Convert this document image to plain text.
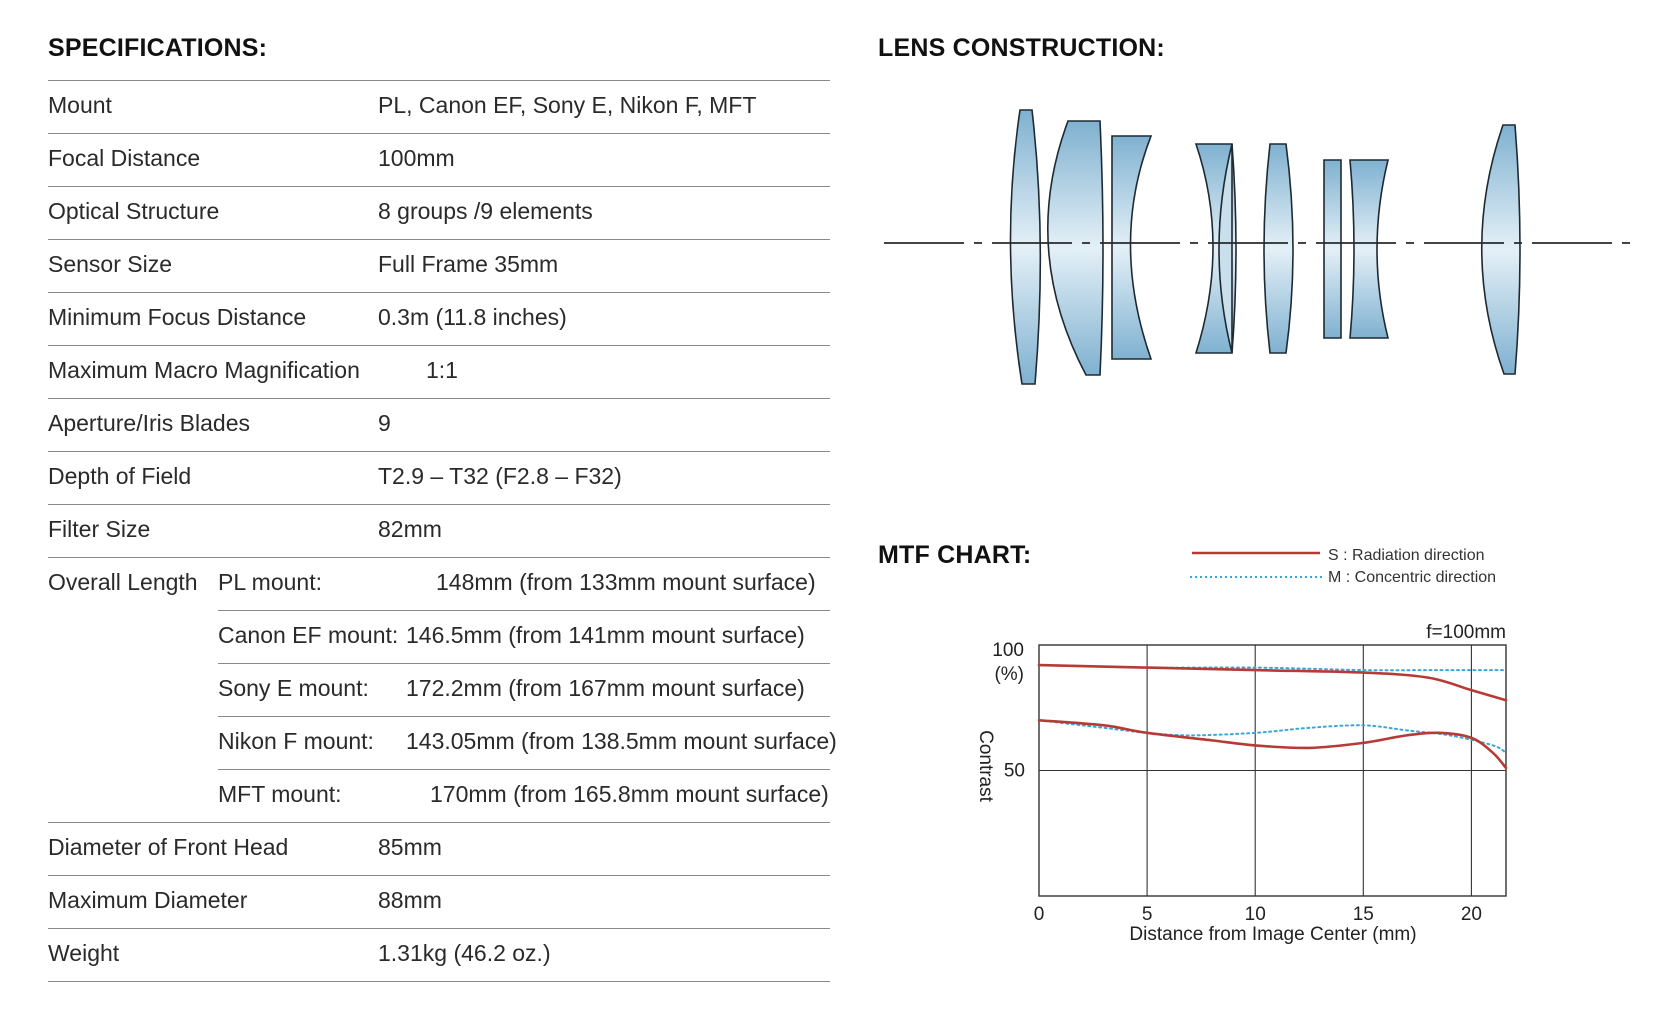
SPECIFICATIONS:
Mount	PL, Canon EF, Sony E, Nikon F, MFT
Focal Distance	100mm
Optical Structure	8 groups /9 elements
Sensor Size	Full Frame 35mm
Minimum Focus Distance	0.3m (11.8 inches)
Maximum Macro Magnification	1:1
Aperture/Iris Blades	9
Depth of Field	T2.9 – T32 (F2.8 – F32)
Filter Size	82mm
Overall Length PL mount:	148mm (from 133mm mount surface)
Canon EF mount: 146.5mm (from 141mm mount surface)
Sony E mount: 172.2mm (from 167mm mount surface)
Nikon F mount: 143.05mm (from 138.5mm mount surface)
MFT mount:	170mm (from 165.8mm mount surface)
Diameter of Front Head	85mm
Maximum Diameter	88mm
Weight	1.31kg (46.2 oz.)
LENS CONSTRUCTION:
MTF CHART:	S : Radiation direction
M : Concentric direction
f=100mm
100
(%)
Contrast
Distance from Image Center (mm)
0	5	10	15	20
50
